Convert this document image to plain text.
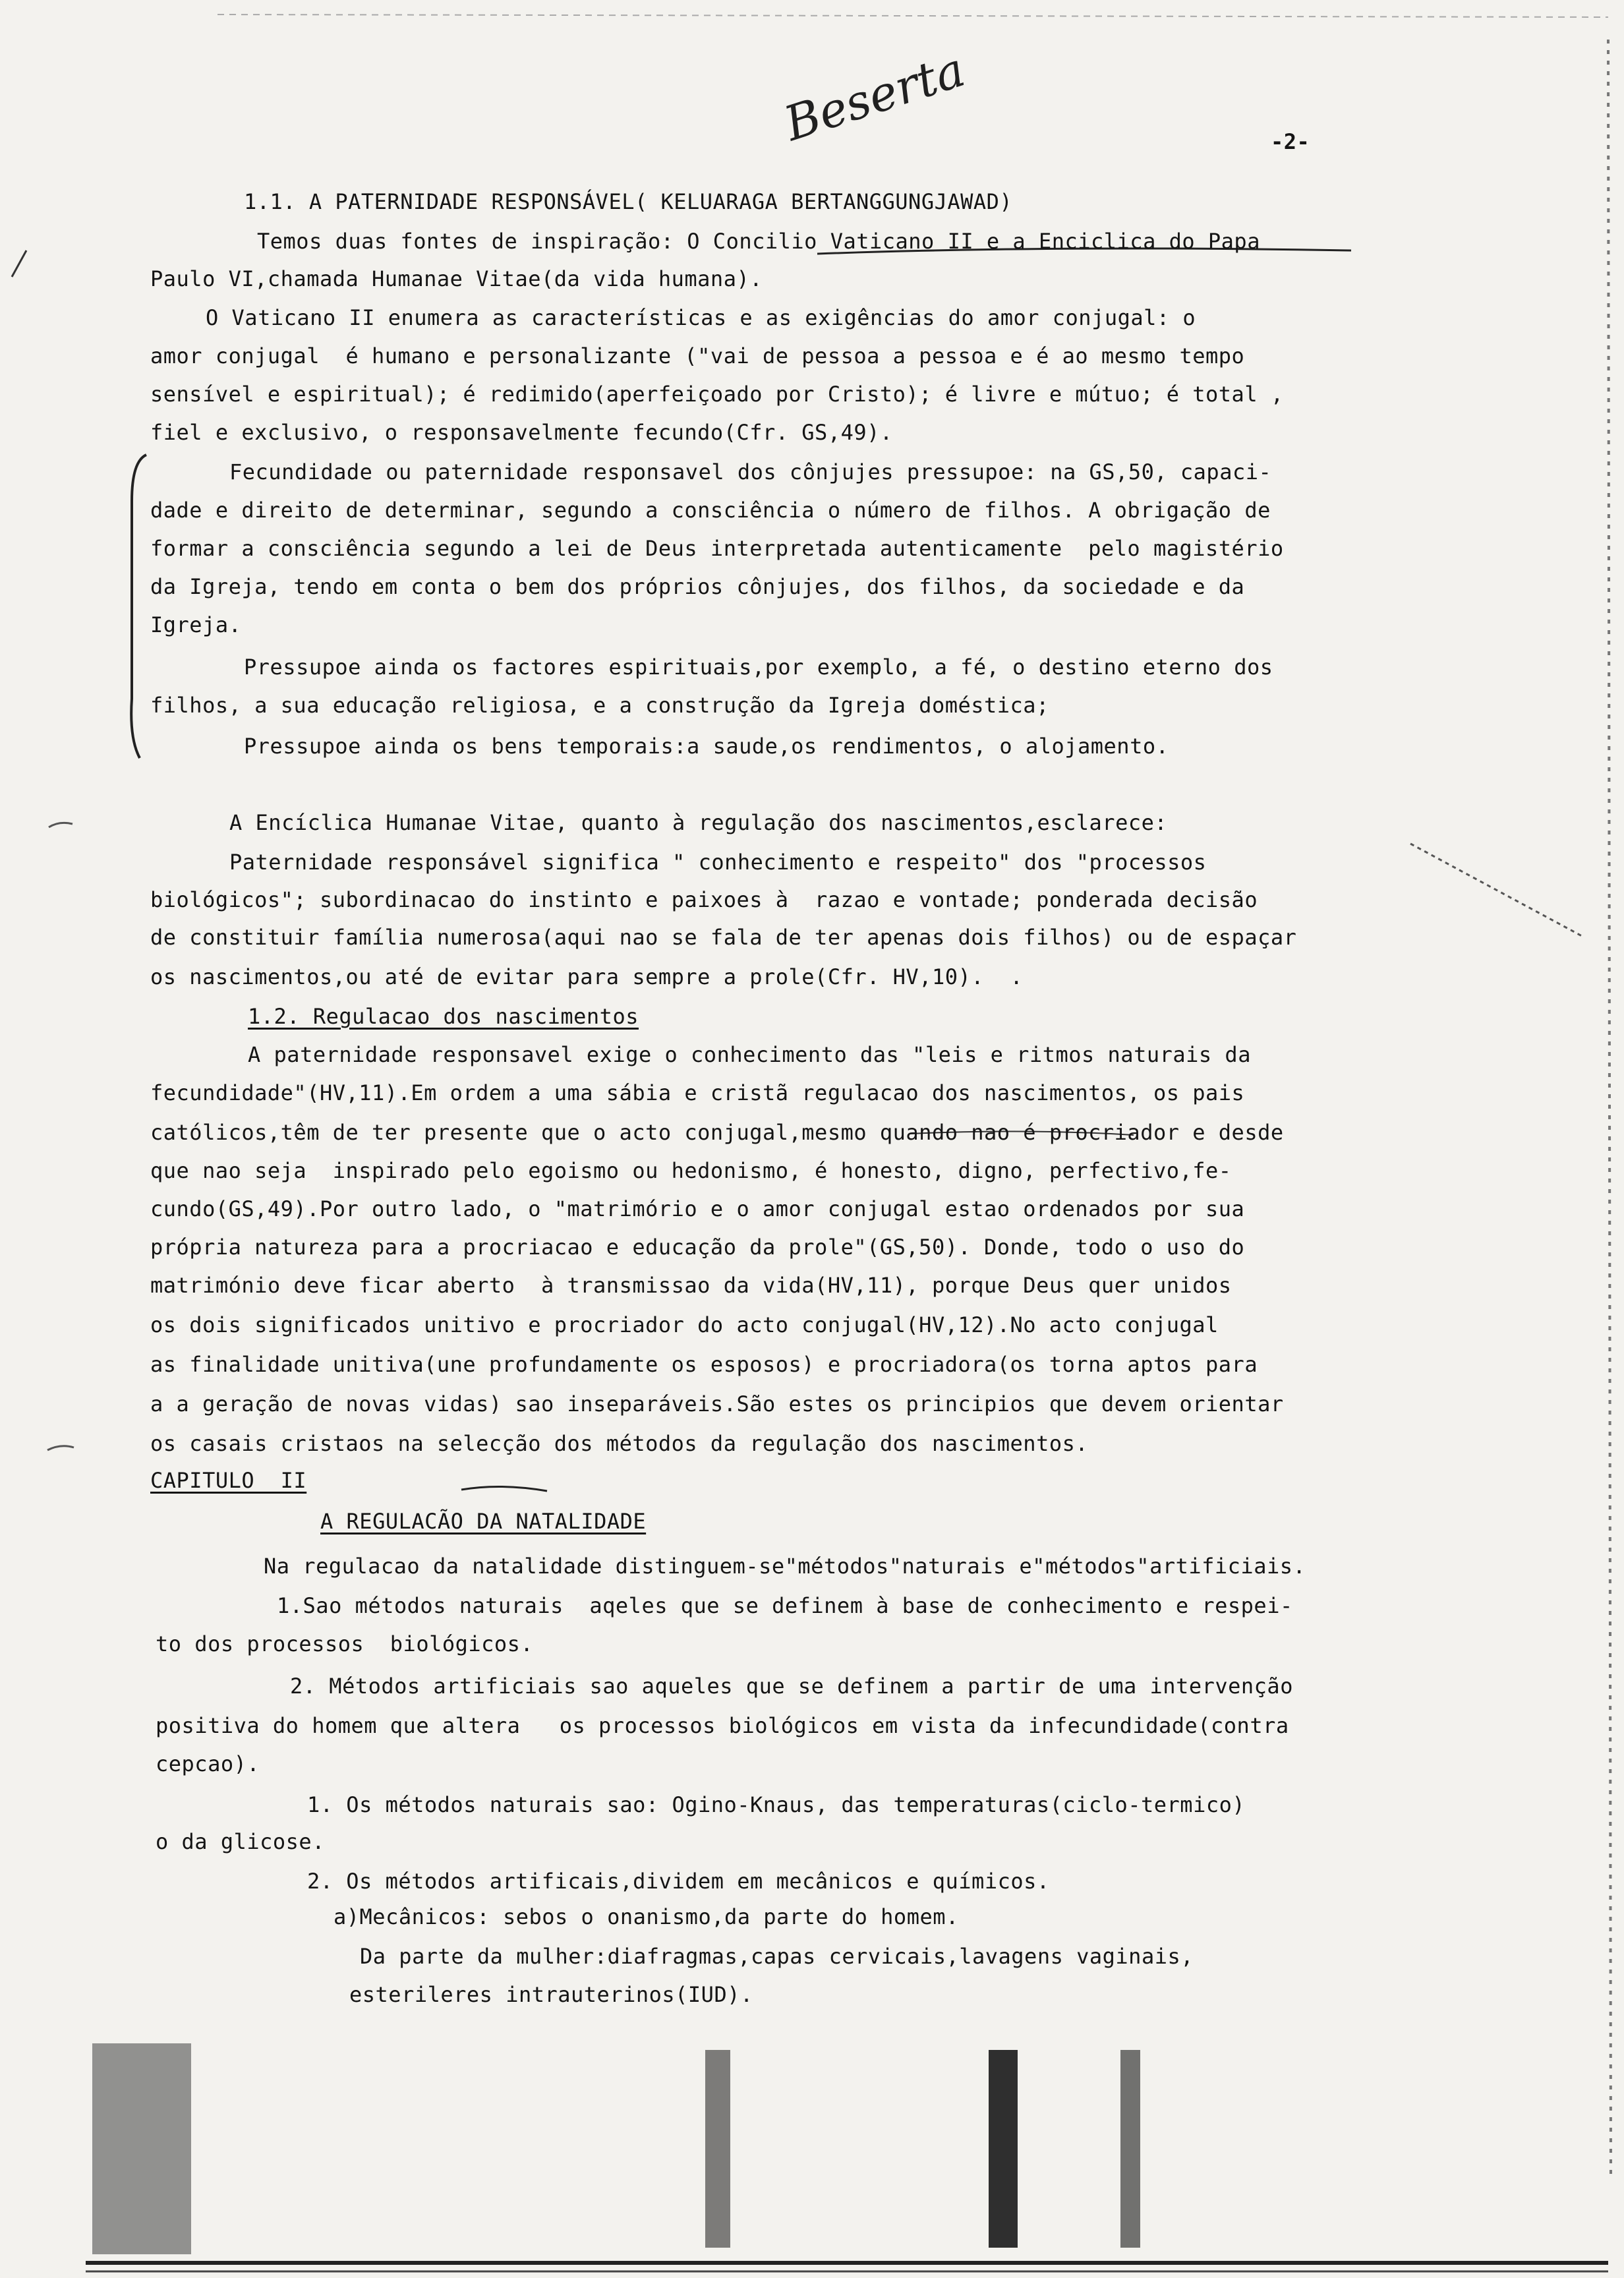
Beserta	-2-
1.1. A PATERNIDADE RESPONSÁVEL( KELUARAGA BERTANGGUNGJAWAD)
Temos duas fontes de inspiração: O Concilio Vaticano II e a Enciclica do Papa
Paulo VI,chamada Humanae Vitae(da vida humana).
O Vaticano II enumera as características e as exigências do amor conjugal: o
amor conjugal  é humano e personalizante ("vai de pessoa a pessoa e é ao mesmo tempo
sensível e espiritual); é redimido(aperfeiçoado por Cristo); é livre e mútuo; é total ,
fiel e exclusivo, o responsavelmente fecundo(Cfr. GS,49).
Fecundidade ou paternidade responsavel dos cônjujes pressupoe: na GS,50, capaci-
dade e direito de determinar, segundo a consciência o número de filhos. A obrigação de
formar a consciência segundo a lei de Deus interpretada autenticamente  pelo magistério
da Igreja, tendo em conta o bem dos próprios cônjujes, dos filhos, da sociedade e da
Igreja.
Pressupoe ainda os factores espirituais,por exemplo, a fé, o destino eterno dos
filhos, a sua educação religiosa, e a construção da Igreja doméstica;
Pressupoe ainda os bens temporais:a saude,os rendimentos, o alojamento.
A Encíclica Humanae Vitae, quanto à regulação dos nascimentos,esclarece:
Paternidade responsável significa " conhecimento e respeito" dos "processos
biológicos"; subordinacao do instinto e paixoes à  razao e vontade; ponderada decisão
de constituir família numerosa(aqui nao se fala de ter apenas dois filhos) ou de espaçar
os nascimentos,ou até de evitar para sempre a prole(Cfr. HV,10).  .
1.2. Regulacao dos nascimentos
A paternidade responsavel exige o conhecimento das "leis e ritmos naturais da
fecundidade"(HV,11).Em ordem a uma sábia e cristã regulacao dos nascimentos, os pais
católicos,têm de ter presente que o acto conjugal,mesmo quando nao é procriador e desde
que nao seja  inspirado pelo egoismo ou hedonismo, é honesto, digno, perfectivo,fe-
cundo(GS,49).Por outro lado, o "matrimório e o amor conjugal estao ordenados por sua
própria natureza para a procriacao e educação da prole"(GS,50). Donde, todo o uso do
matrimónio deve ficar aberto  à transmissao da vida(HV,11), porque Deus quer unidos
os dois significados unitivo e procriador do acto conjugal(HV,12).No acto conjugal
as finalidade unitiva(une profundamente os esposos) e procriadora(os torna aptos para
a a geração de novas vidas) sao inseparáveis.São estes os principios que devem orientar
os casais cristaos na selecção dos métodos da regulação dos nascimentos.
CAPITULO  II
A REGULACÃO DA NATALIDADE
Na regulacao da natalidade distinguem-se"métodos"naturais e"métodos"artificiais.
1.Sao métodos naturais  aqeles que se definem à base de conhecimento e respei-
to dos processos  biológicos.
2. Métodos artificiais sao aqueles que se definem a partir de uma intervenção
positiva do homem que altera   os processos biológicos em vista da infecundidade(contra
cepcao).
1. Os métodos naturais sao: Ogino-Knaus, das temperaturas(ciclo-termico)
o da glicose.
2. Os métodos artificais,dividem em mecânicos e químicos.
a)Mecânicos: sebos o onanismo,da parte do homem.
Da parte da mulher:diafragmas,capas cervicais,lavagens vaginais,
esterileres intrauterinos(IUD).
